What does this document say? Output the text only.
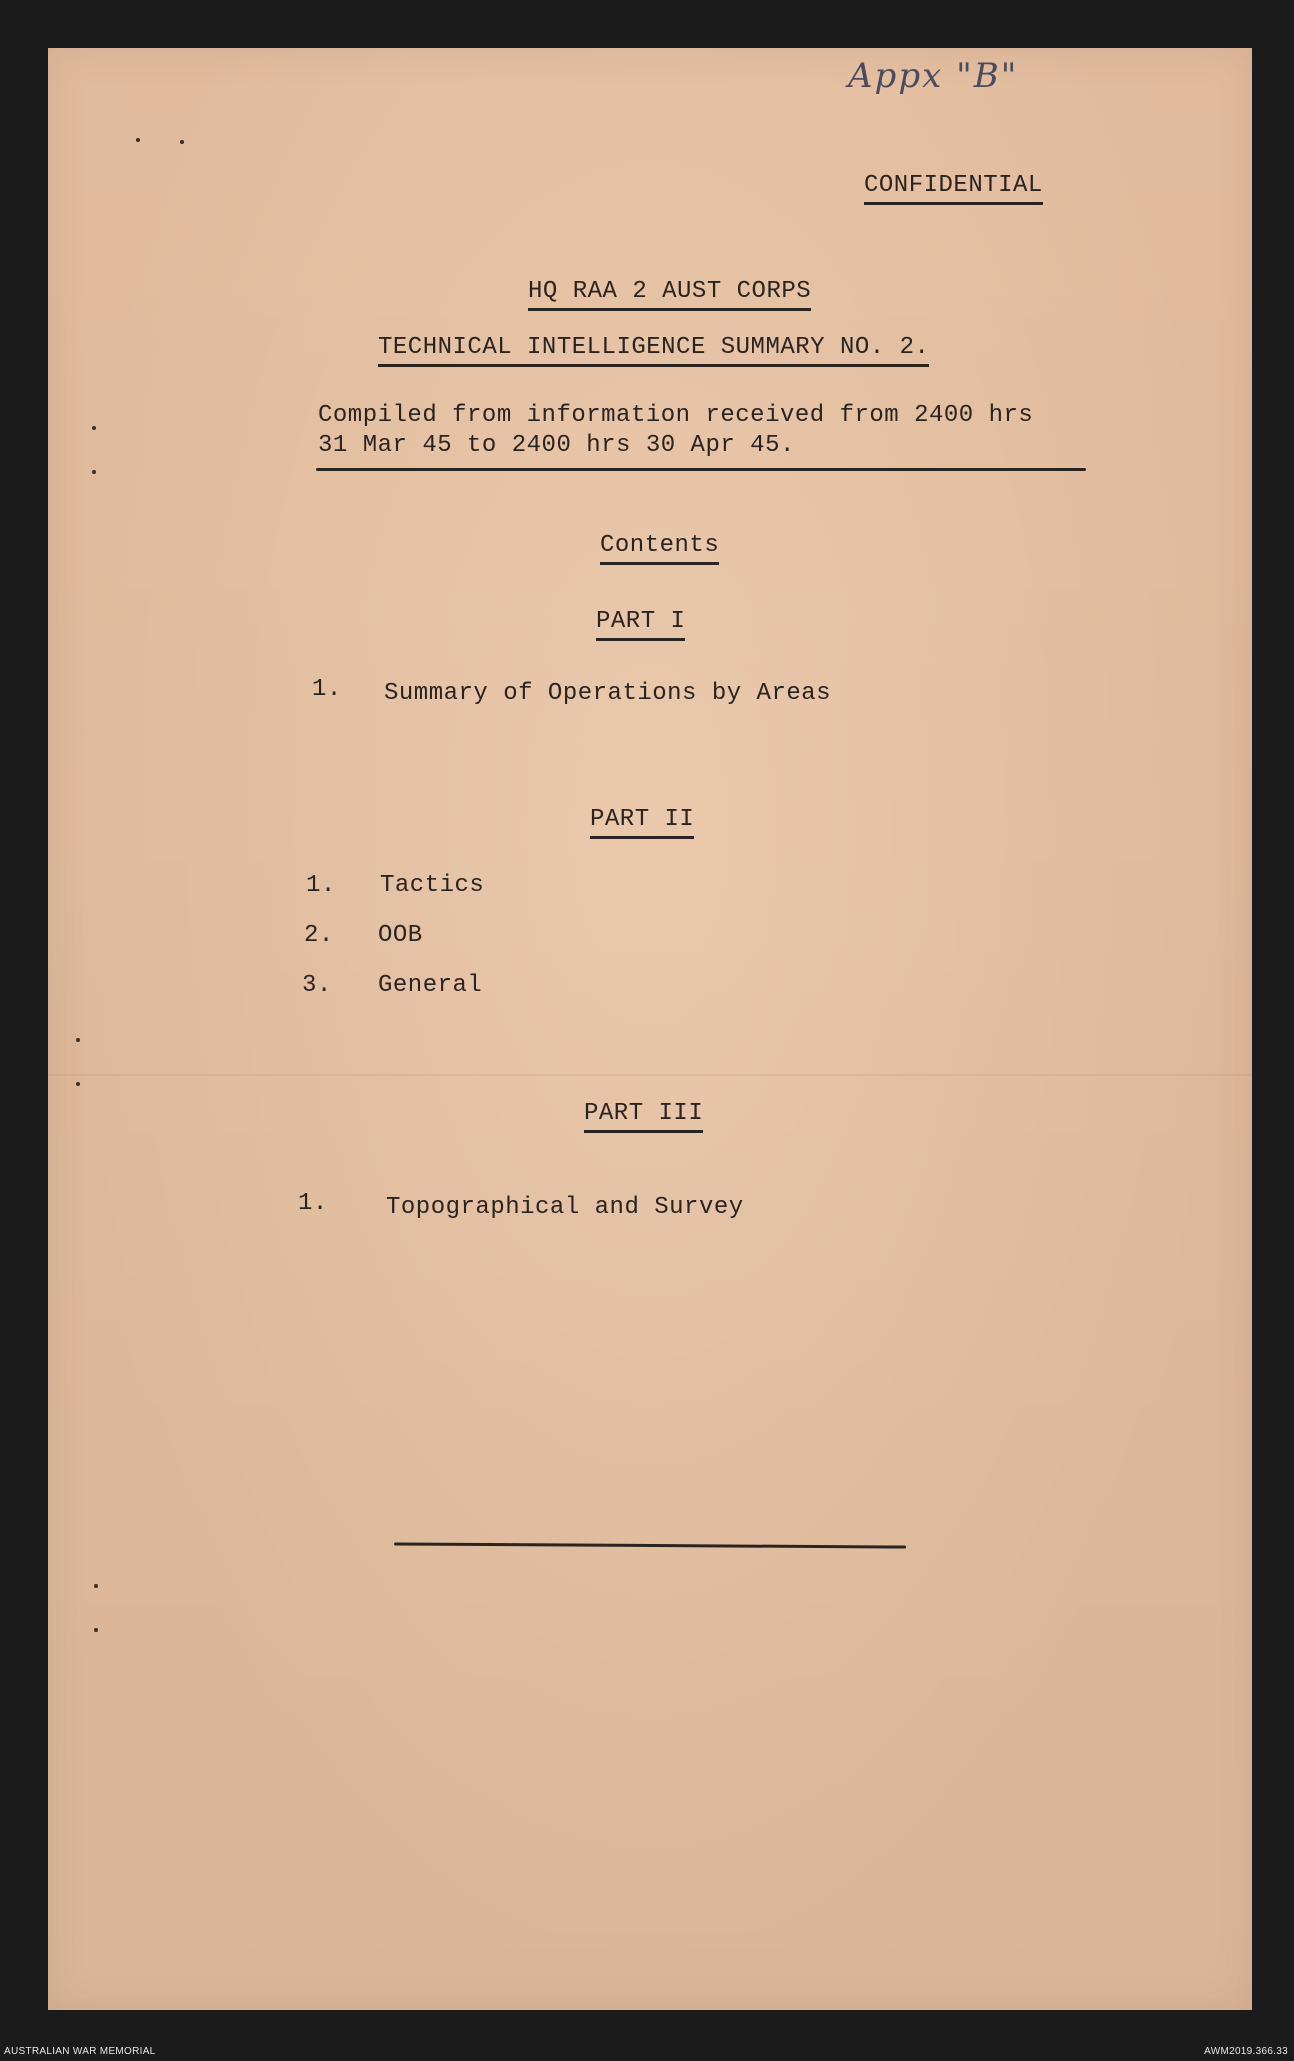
Appx "B"
CONFIDENTIAL
HQ RAA 2 AUST CORPS
TECHNICAL INTELLIGENCE SUMMARY NO. 2.
Compiled from information received from 2400 hrs
31 Mar 45 to 2400 hrs 30 Apr 45.
Contents
PART I
1. Summary of Operations by Areas
PART II
1. Tactics
2. OOB
3. General
PART III
1. Topographical and Survey
AUSTRALIAN WAR MEMORIAL	AWM2019.366.33
